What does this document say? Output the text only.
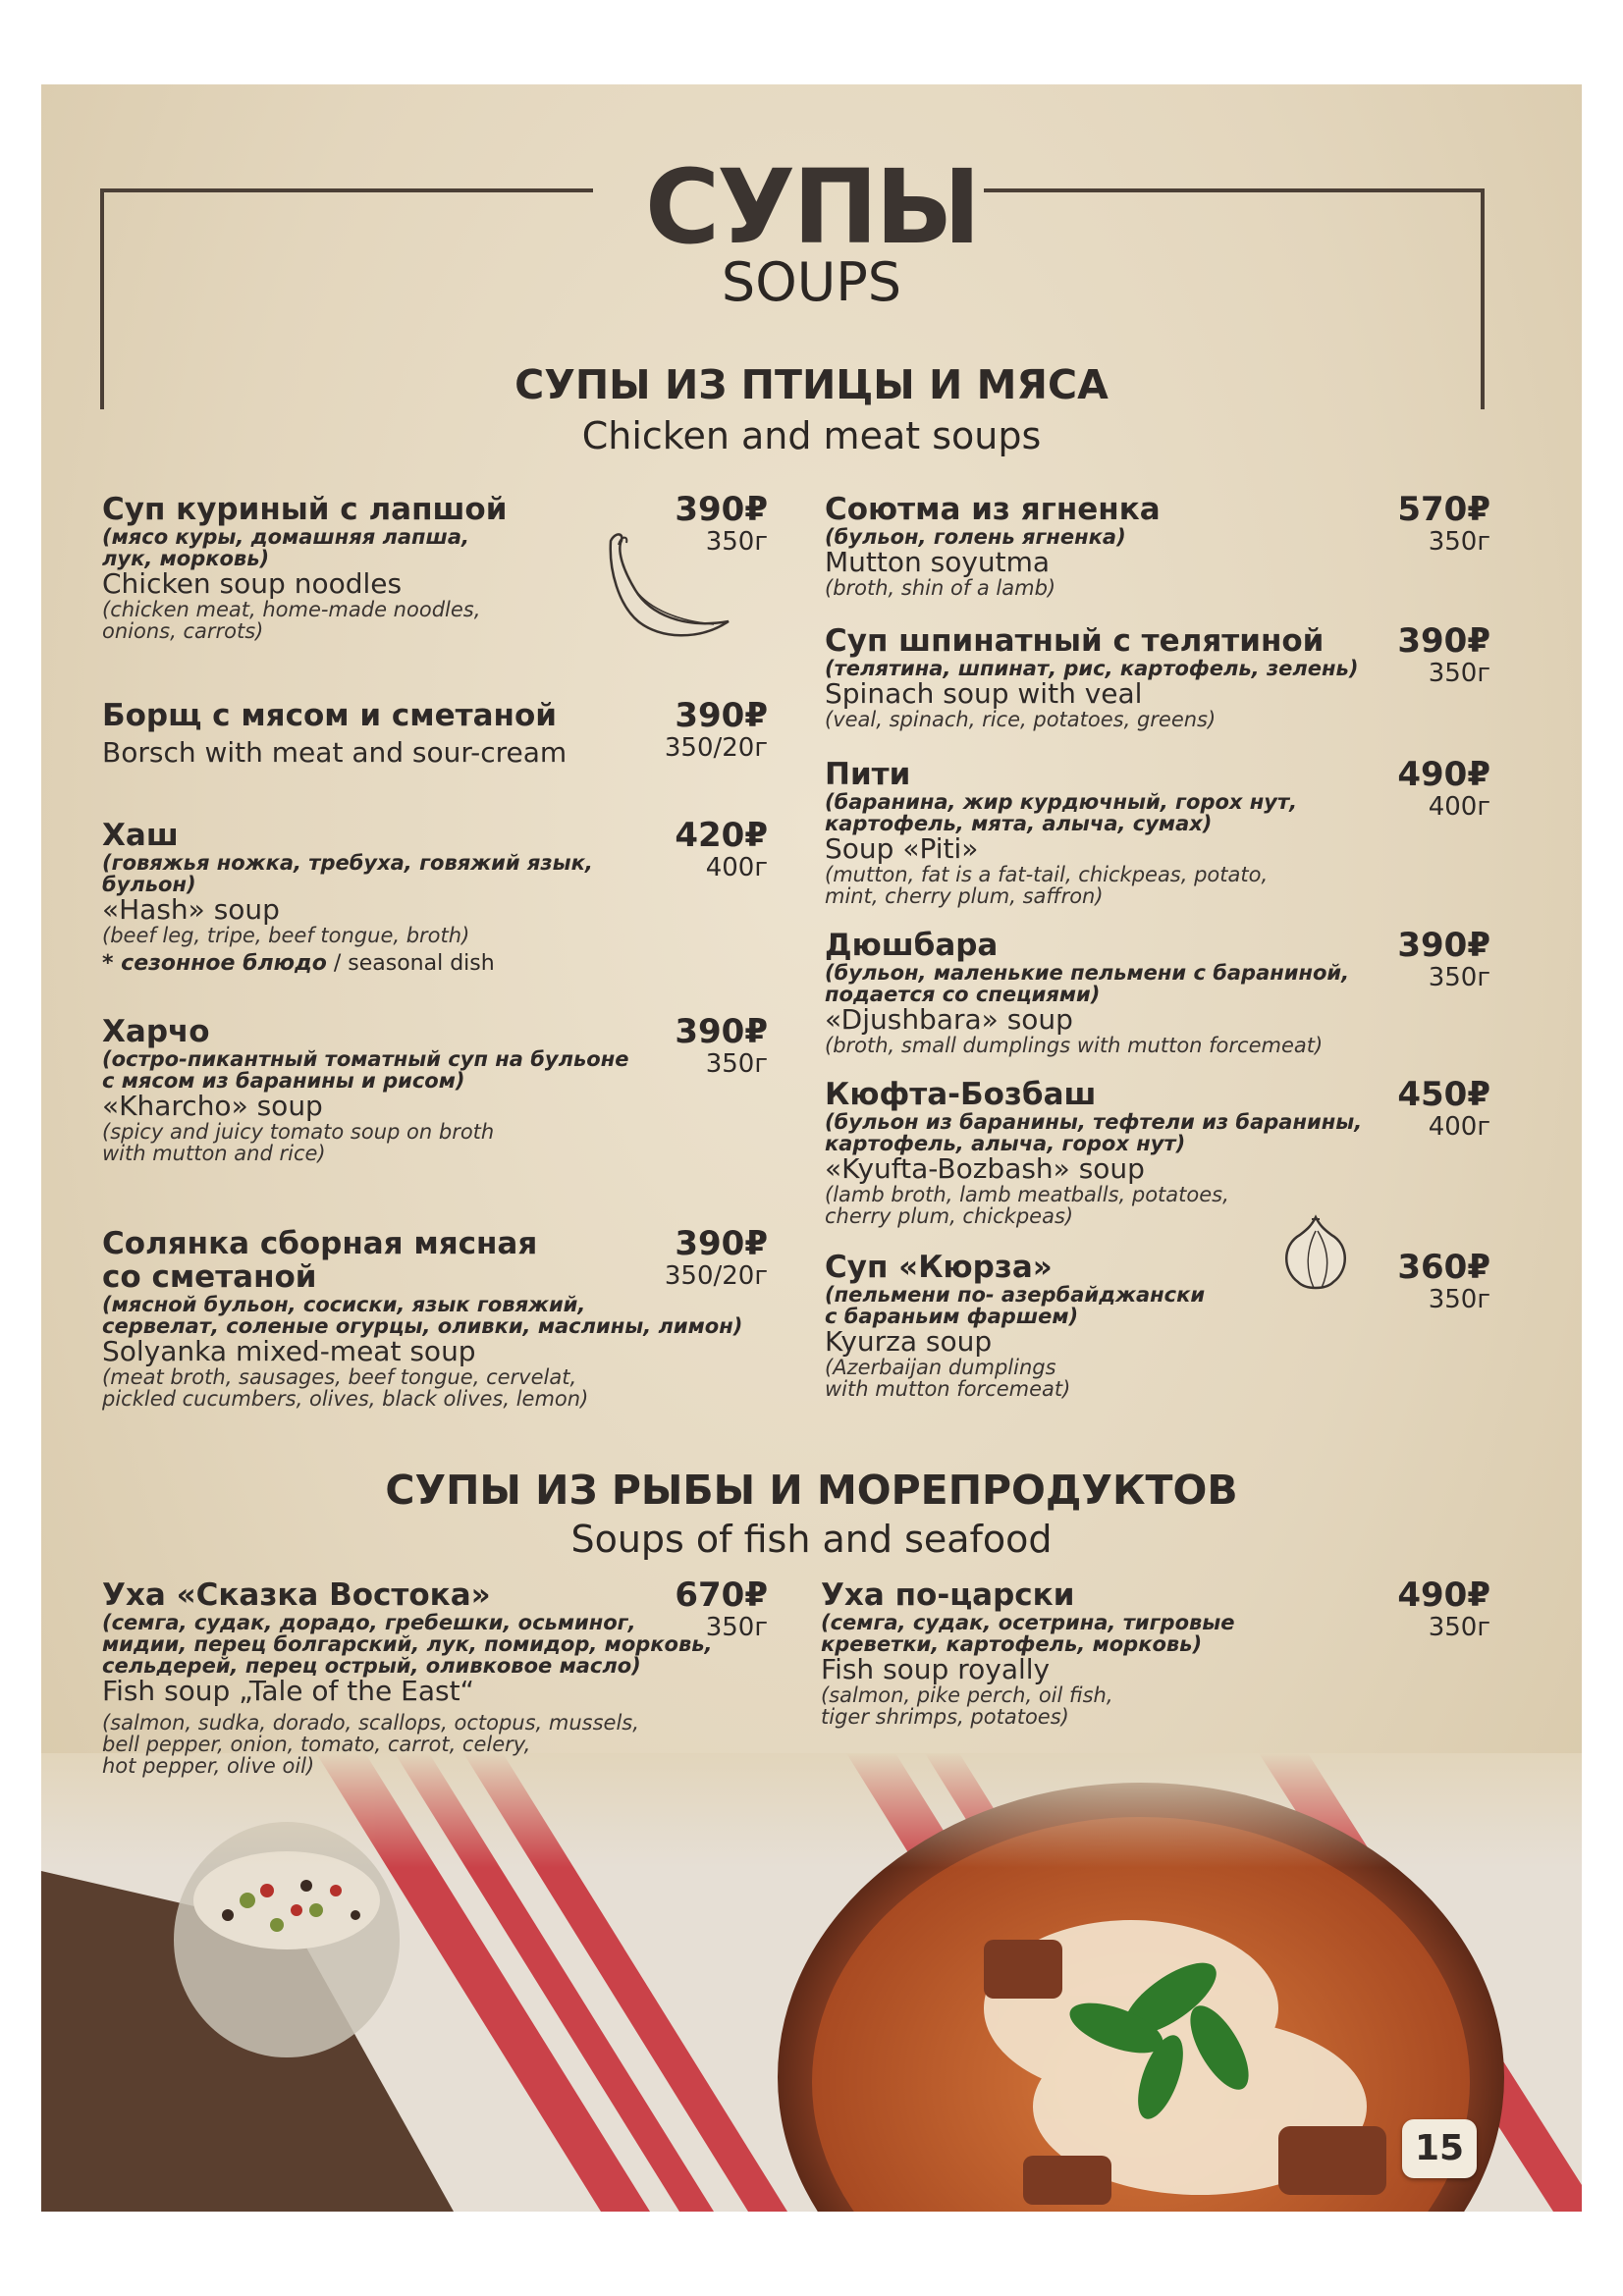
СУПЫ
SOUPS
СУПЫ ИЗ ПТИЦЫ И МЯСА
Chicken and meat soups
Суп куриный с лапшой
(мясо куры, домашняя лапша,
лук, морковь)
Chicken soup noodles
(chicken meat, home-made noodles,
onions, carrots)
390₽
350г
Борщ с мясом и сметаной
Borsch with meat and sour-cream
390₽
350/20г
Хаш
(говяжья ножка, требуха, говяжий язык, бульон)
«Hash» soup
(beef leg, tripe, beef tongue, broth)
* сезонное блюдо / seasonal dish
420₽
400г
Харчо
(остро-пикантный томатный суп на бульоне
с мясом из баранины и рисом)
«Kharcho» soup
(spicy and juicy tomato soup on broth
with mutton and rice)
390₽
350г
Солянка сборная мясная
со сметаной
(мясной бульон, сосиски, язык говяжий,
сервелат, соленые огурцы, оливки, маслины, лимон)
Solyanka mixed-meat soup
(meat broth, sausages, beef tongue, cervelat,
pickled cucumbers, olives, black olives, lemon)
390₽
350/20г
Соютма из ягненка
(бульон, голень ягненка)
Mutton soyutma
(broth, shin of a lamb)
570₽
350г
Суп шпинатный с телятиной
(телятина, шпинат, рис, картофель, зелень)
Spinach soup with veal
(veal, spinach, rice, potatoes, greens)
390₽
350г
Пити
(баранина, жир курдючный, горох нут,
картофель, мята, алыча, сумах)
Soup «Piti»
(mutton, fat is a fat-tail, chickpeas, potato,
mint, cherry plum, saffron)
490₽
400г
Дюшбара
(бульон, маленькие пельмени с бараниной,
подается со специями)
«Djushbara» soup
(broth, small dumplings with mutton forcemeat)
390₽
350г
Кюфта-Бозбаш
(бульон из баранины, тефтели из баранины,
картофель, алыча, горох нут)
«Kyufta-Bozbash» soup
(lamb broth, lamb meatballs, potatoes,
cherry plum, chickpeas)
450₽
400г
Суп «Кюрза»
(пельмени по- азербайджански
с бараньим фаршем)
Kyurza soup
(Azerbaijan dumplings
with mutton forcemeat)
360₽
350г
СУПЫ ИЗ РЫБЫ И МОРЕПРОДУКТОВ
Soups of fish and seafood
Уха «Сказка Востока»
(семга, судак, дорадо, гребешки, осьминог,
мидии, перец болгарский, лук, помидор, морковь,
сельдерей, перец острый, оливковое масло)
Fish soup „Tale of the East“
(salmon, sudka, dorado, scallops, octopus, mussels,
bell pepper, onion, tomato, carrot, celery,
hot pepper, olive oil)
670₽
350г
Уха по-царски
(семга, судак, осетрина, тигровые
креветки, картофель, морковь)
Fish soup royally
(salmon, pike perch, oil fish,
tiger shrimps, potatoes)
490₽
350г
15
